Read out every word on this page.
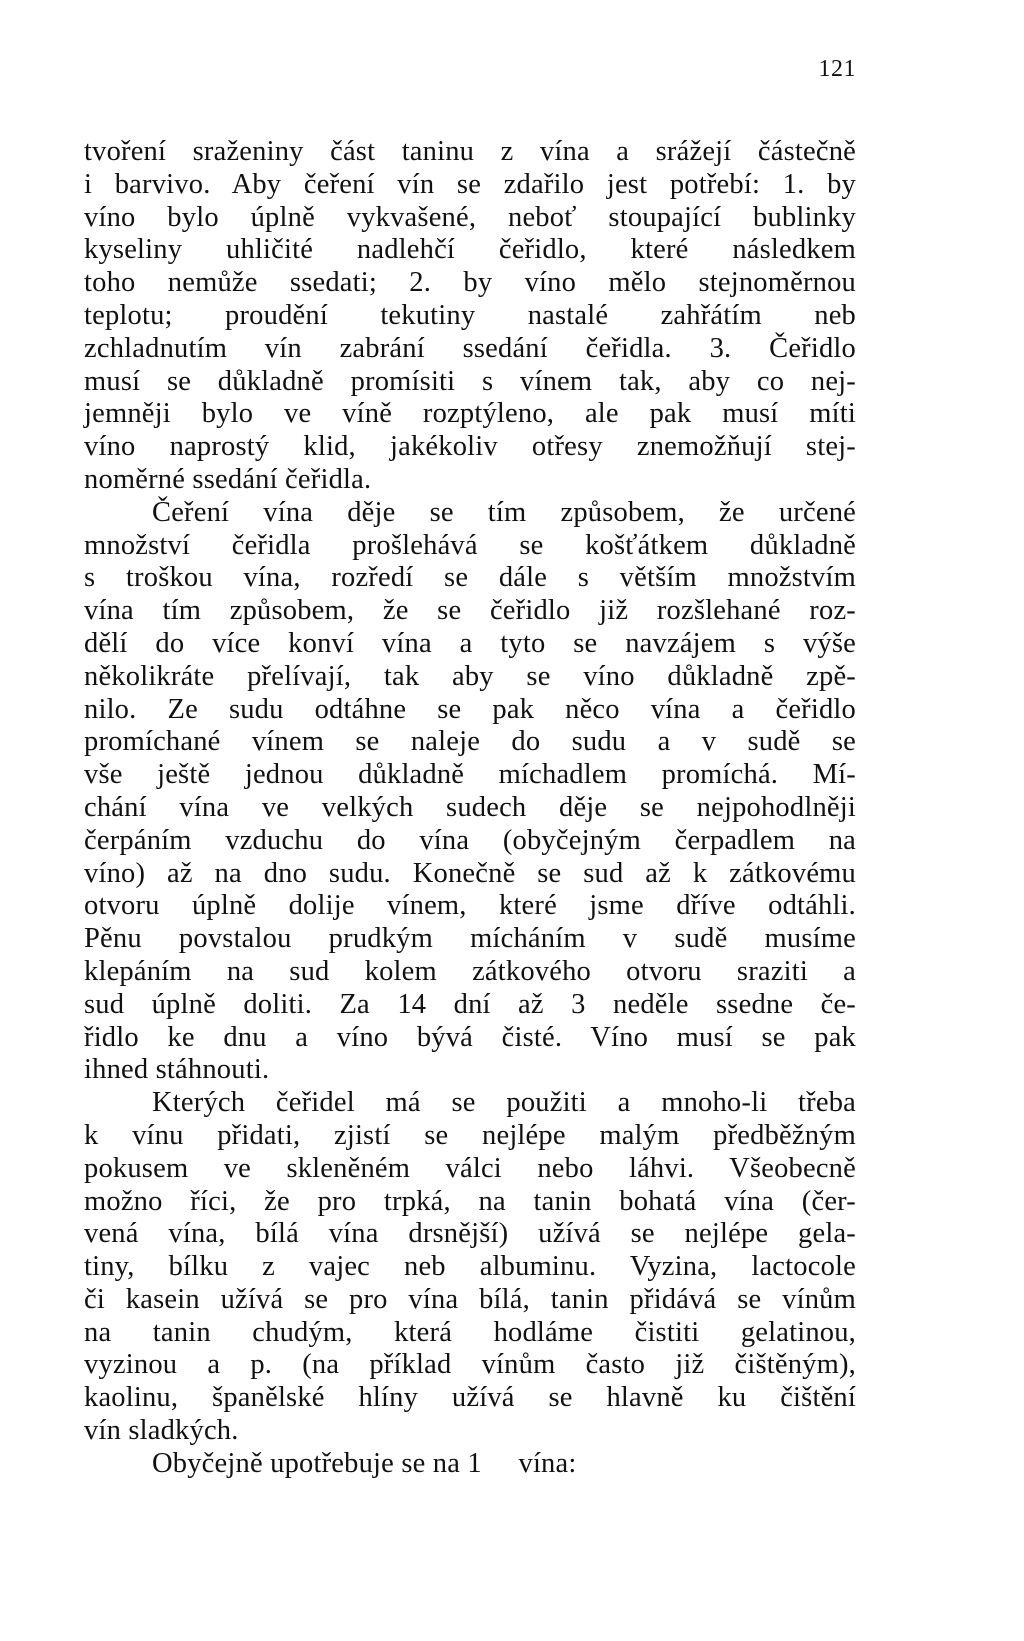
121
tvoření sraženiny část taninu z vína a srážejí částečně
i barvivo. Aby čeření vín se zdařilo jest potřebí: 1. by
víno bylo úplně vykvašené, neboť stoupající bublinky
kyseliny uhličité nadlehčí čeřidlo, které následkem
toho nemůže ssedati; 2. by víno mělo stejnoměrnou
teplotu; proudění tekutiny nastalé zahřátím neb
zchladnutím vín zabrání ssedání čeřidla. 3. Čeřidlo
musí se důkladně promísiti s vínem tak, aby co nej-
jemněji bylo ve víně rozptýleno, ale pak musí míti
víno naprostý klid, jakékoliv otřesy znemožňují stej-
noměrné ssedání čeřidla.
Čeření vína děje se tím způsobem, že určené
množství čeřidla prošlehává se košťátkem důkladně
s troškou vína, rozředí se dále s větším množstvím
vína tím způsobem, že se čeřidlo již rozšlehané roz-
dělí do více konví vína a tyto se navzájem s výše
několikráte přelívají, tak aby se víno důkladně zpě-
nilo. Ze sudu odtáhne se pak něco vína a čeřidlo
promíchané vínem se naleje do sudu a v sudě se
vše ještě jednou důkladně míchadlem promíchá. Mí-
chání vína ve velkých sudech děje se nejpohodlněji
čerpáním vzduchu do vína (obyčejným čerpadlem na
víno) až na dno sudu. Konečně se sud až k zátkovému
otvoru úplně dolije vínem, které jsme dříve odtáhli.
Pěnu povstalou prudkým mícháním v sudě musíme
klepáním na sud kolem zátkového otvoru sraziti a
sud úplně doliti. Za 14 dní až 3 neděle ssedne če-
řidlo ke dnu a víno bývá čisté. Víno musí se pak
ihned stáhnouti.
Kterých čeřidel má se použiti a mnoho-li třeba
k vínu přidati, zjistí se nejlépe malým předběžným
pokusem ve skleněném válci nebo láhvi. Všeobecně
možno říci, že pro trpká, na tanin bohatá vína (čer-
vená vína, bílá vína drsnější) užívá se nejlépe gela-
tiny, bílku z vajec neb albuminu. Vyzina, lactocole
či kasein užívá se pro vína bílá, tanin přidává se vínům
na tanin chudým, která hodláme čistiti gelatinou,
vyzinou a p. (na příklad vínům často již čištěným),
kaolinu, španělské hlíny užívá se hlavně ku čištění
vín sladkých.
Obyčejně upotřebuje se na 1     vína:
